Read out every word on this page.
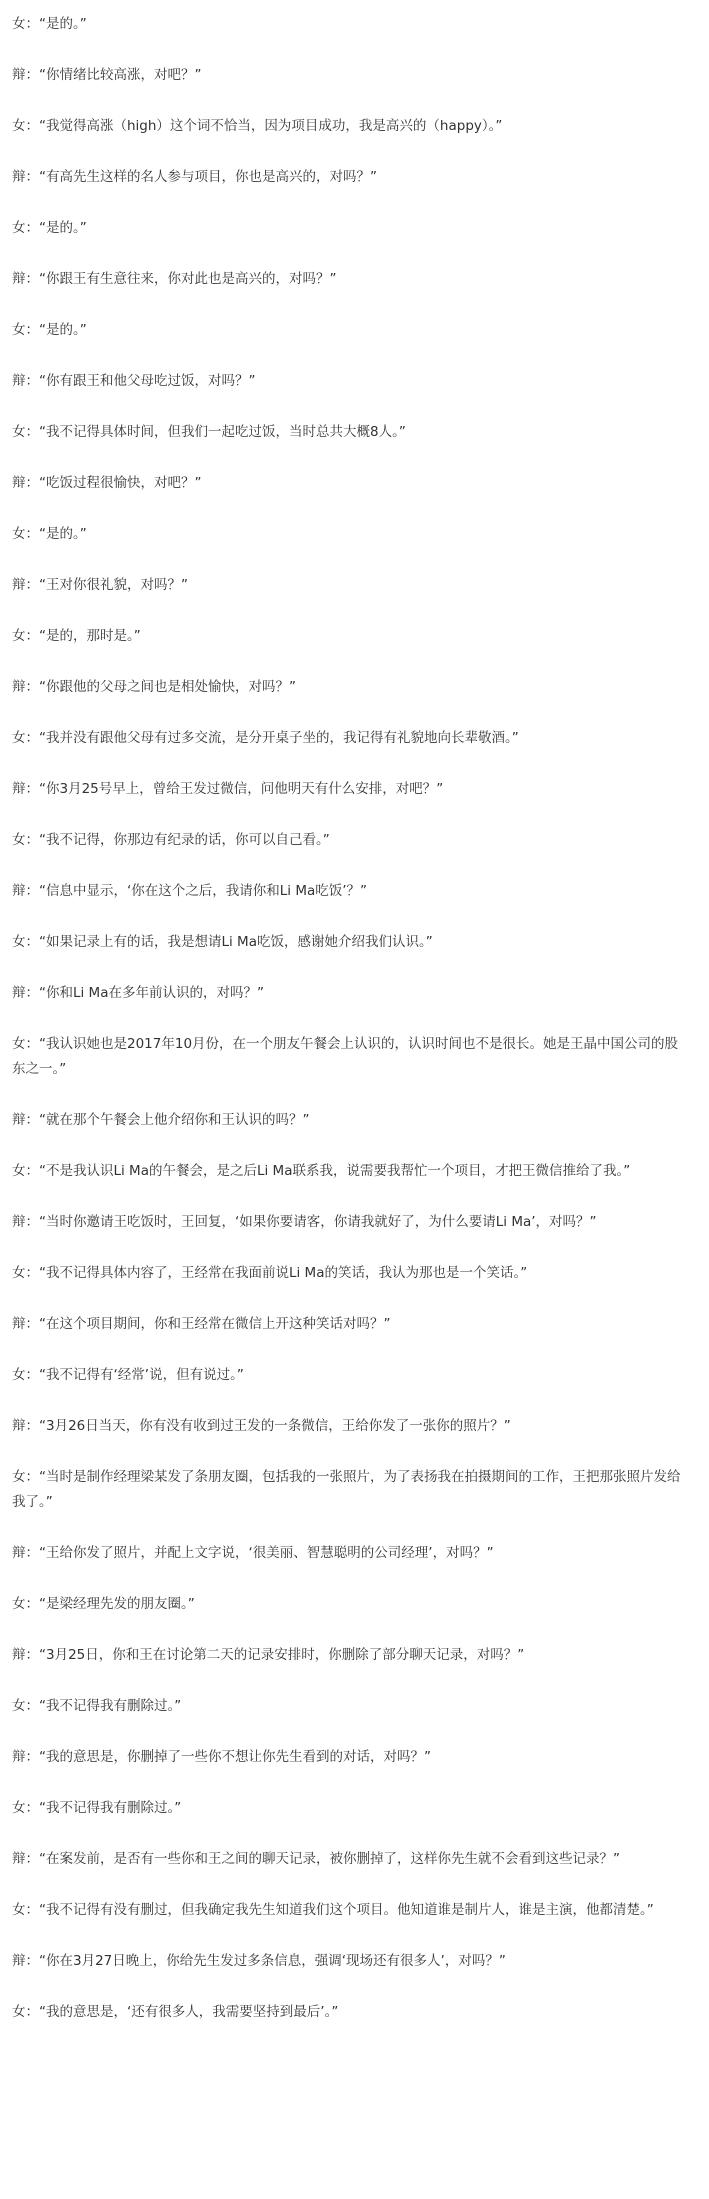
女：“是的。”

辩：“你情绪比较高涨，对吧？”

女：“我觉得高涨（high）这个词不恰当，因为项目成功，我是高兴的（happy）。”

辩：“有高先生这样的名人参与项目，你也是高兴的，对吗？”

女：“是的。”

辩：“你跟王有生意往来，你对此也是高兴的，对吗？”

女：“是的。”

辩：“你有跟王和他父母吃过饭，对吗？”

女：“我不记得具体时间，但我们一起吃过饭，当时总共大概8人。”

辩：“吃饭过程很愉快，对吧？”

女：“是的。”

辩：“王对你很礼貌，对吗？”

女：“是的，那时是。”

辩：“你跟他的父母之间也是相处愉快，对吗？”

女：“我并没有跟他父母有过多交流，是分开桌子坐的，我记得有礼貌地向长辈敬酒。”

辩：“你3月25号早上，曾给王发过微信，问他明天有什么安排，对吧？”

女：“我不记得，你那边有纪录的话，你可以自己看。”

辩：“信息中显示，‘你在这个之后，我请你和Li Ma吃饭’？”

女：“如果记录上有的话，我是想请Li Ma吃饭，感谢她介绍我们认识。”

辩：“你和Li Ma在多年前认识的，对吗？”

女：“我认识她也是2017年10月份，在一个朋友午餐会上认识的，认识时间也不是很长。她是王晶中国公司的股东之一。”

辩：“就在那个午餐会上他介绍你和王认识的吗？”

女：“不是我认识Li Ma的午餐会，是之后Li Ma联系我，说需要我帮忙一个项目，才把王微信推给了我。”

辩：“当时你邀请王吃饭时，王回复，‘如果你要请客，你请我就好了，为什么要请Li Ma’，对吗？”

女：“我不记得具体内容了，王经常在我面前说Li Ma的笑话，我认为那也是一个笑话。”

辩：“在这个项目期间，你和王经常在微信上开这种笑话对吗？”

女：“我不记得有‘经常’说，但有说过。”

辩：“3月26日当天，你有没有收到过王发的一条微信，王给你发了一张你的照片？”

女：“当时是制作经理梁某发了条朋友圈，包括我的一张照片，为了表扬我在拍摄期间的工作，王把那张照片发给我了。”

辩：“王给你发了照片，并配上文字说，‘很美丽、智慧聪明的公司经理’，对吗？”

女：“是梁经理先发的朋友圈。”

辩：“3月25日，你和王在讨论第二天的记录安排时，你删除了部分聊天记录，对吗？”

女：“我不记得我有删除过。”

辩：“我的意思是，你删掉了一些你不想让你先生看到的对话，对吗？”

女：“我不记得我有删除过。”

辩：“在案发前，是否有一些你和王之间的聊天记录，被你删掉了，这样你先生就不会看到这些记录？”

女：“我不记得有没有删过，但我确定我先生知道我们这个项目。他知道谁是制片人，谁是主演，他都清楚。”

辩：“你在3月27日晚上，你给先生发过多条信息，强调‘现场还有很多人’，对吗？”

女：“我的意思是，‘还有很多人，我需要坚持到最后’。”
